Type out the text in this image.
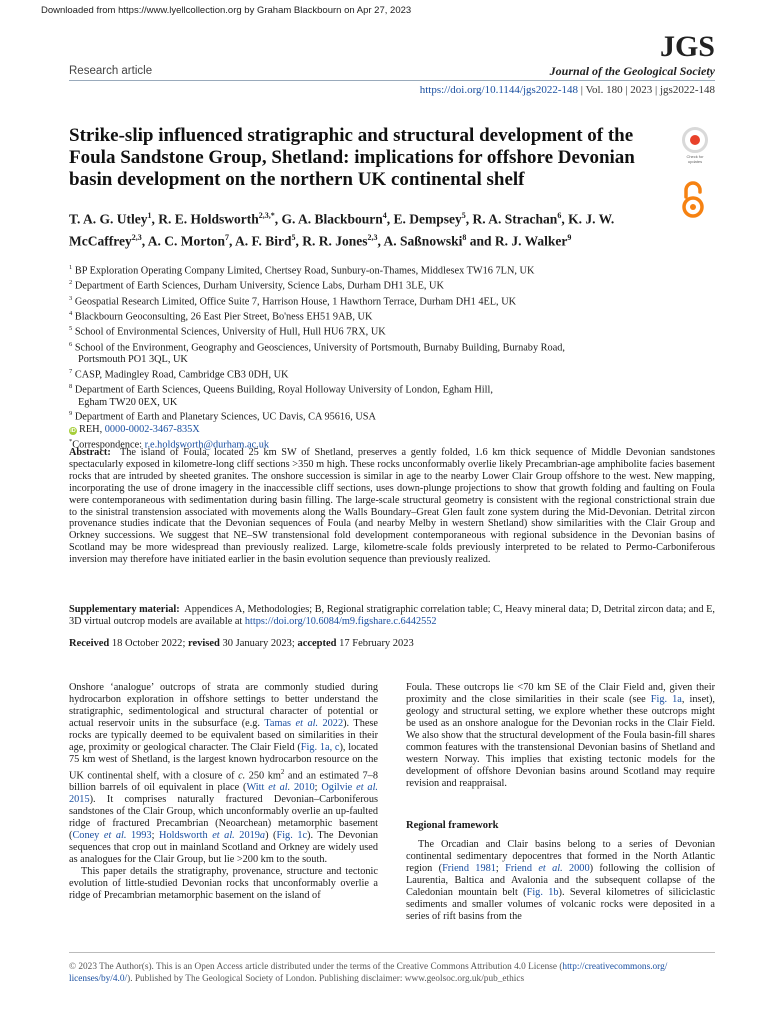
Downloaded from https://www.lyellcollection.org by Graham Blackbourn on Apr 27, 2023
Research article
JGS
Journal of the Geological Society
https://doi.org/10.1144/jgs2022-148 | Vol. 180 | 2023 | jgs2022-148
Strike-slip influenced stratigraphic and structural development of the Foula Sandstone Group, Shetland: implications for offshore Devonian basin development on the northern UK continental shelf
Check for
updates
T. A. G. Utley$^1$, R. E. Holdsworth$^{2,3,*}$, G. A. Blackbourn$^4$, E. Dempsey$^5$, R. A. Strachan$^6$, K. J. W. McCaffrey$^{2,3}$, A. C. Morton$^7$, A. F. Bird$^5$, R. R. Jones$^{2,3}$, A. Saßnowski$^8$ and R. J. Walker$^9$
$^1$ BP Exploration Operating Company Limited, Chertsey Road, Sunbury-on-Thames, Middlesex TW16 7LN, UK
$^2$ Department of Earth Sciences, Durham University, Science Labs, Durham DH1 3LE, UK
$^3$ Geospatial Research Limited, Office Suite 7, Harrison House, 1 Hawthorn Terrace, Durham DH1 4EL, UK
$^4$ Blackbourn Geoconsulting, 26 East Pier Street, Bo'ness EH51 9AB, UK
$^5$ School of Environmental Sciences, University of Hull, Hull HU6 7RX, UK
$^6$ School of the Environment, Geography and Geosciences, University of Portsmouth, Burnaby Building, Burnaby Road,
Portsmouth PO1 3QL, UK
$^7$ CASP, Madingley Road, Cambridge CB3 0DH, UK
$^8$ Department of Earth Sciences, Queens Building, Royal Holloway University of London, Egham Hill,
Egham TW20 0EX, UK
$^9$ Department of Earth and Planetary Sciences, UC Davis, CA 95616, USA
iD REH, 0000-0002-3467-835X
*Correspondence: r.e.holdsworth@durham.ac.uk
Abstract: The island of Foula, located 25 km SW of Shetland, preserves a gently folded, 1.6 km thick sequence of Middle Devonian sandstones spectacularly exposed in kilometre-long cliff sections >350 m high. These rocks unconformably overlie likely Precambrian-age amphibolite facies basement rocks that are intruded by sheeted granites. The onshore succession is similar in age to the nearby Lower Clair Group offshore to the west. New mapping, incorporating the use of drone imagery in the inaccessible cliff sections, uses down-plunge projections to show that growth folding and faulting on Foula were contemporaneous with sedimentation during basin filling. The large-scale structural geometry is consistent with the regional constrictional strain due to the sinistral transtension associated with movements along the Walls Boundary–Great Glen fault zone system during the Mid-Devonian. Detrital zircon provenance studies indicate that the Devonian sequences of Foula (and nearby Melby in western Shetland) show similarities with the Clair Group and Orkney successions. We suggest that NE–SW transtensional fold development contemporaneous with regional subsidence in the Devonian basins of Scotland may be more widespread than previously realized. Large, kilometre-scale folds previously interpreted to be related to Permo-Carboniferous inversion may therefore have initiated earlier in the basin evolution sequence than previously realized.
Supplementary material: Appendices A, Methodologies; B, Regional stratigraphic correlation table; C, Heavy mineral data; D, Detrital zircon data; and E, 3D virtual outcrop models are available at https://doi.org/10.6084/m9.figshare.c.6442552
Received 18 October 2022; revised 30 January 2023; accepted 17 February 2023

Onshore ‘analogue’ outcrops of strata are commonly studied during hydrocarbon exploration in offshore settings to better understand the stratigraphic, sedimentological and structural character of potential or actual reservoir units in the subsurface (e.g. Tamas et al. 2022). These rocks are typically deemed to be equivalent based on similarities in their age, proximity or geological character. The Clair Field (Fig. 1a, c), located 75 km west of Shetland, is the largest known hydrocarbon resource on the UK continental shelf, with a closure of c. 250 $km^2$ and an estimated 7–8 billion barrels of oil equivalent in place (Witt et al. 2010; Ogilvie et al. 2015). It comprises naturally fractured Devonian–Carboniferous sandstones of the Clair Group, which unconformably overlie an up-faulted ridge of fractured Precambrian (Neoarchean) metamorphic basement (Coney et al. 1993; Holdsworth et al. 2019a) (Fig. 1c). The Devonian sequences that crop out in mainland Scotland and Orkney are widely used as analogues for the Clair Group, but lie >200 km to the south.

This paper details the stratigraphy, provenance, structure and tectonic evolution of little-studied Devonian rocks that unconformably overlie a ridge of Precambrian metamorphic basement on the island of

Foula. These outcrops lie <70 km SE of the Clair Field and, given their proximity and the close similarities in their scale (see Fig. 1a, inset), geology and structural setting, we explore whether these outcrops might be used as an onshore analogue for the Devonian rocks in the Clair Field. We also show that the structural development of the Foula basin-fill shares common features with the transtensional Devonian basins of Shetland and western Norway. This implies that existing tectonic models for the development of offshore Devonian basins around Scotland may require revision and reappraisal.

Regional framework

The Orcadian and Clair basins belong to a series of Devonian continental sedimentary depocentres that formed in the North Atlantic region (Friend 1981; Friend et al. 2000) following the collision of Laurentia, Baltica and Avalonia and the subsequent collapse of the Caledonian mountain belt (Fig. 1b). Several kilometres of siliciclastic sediments and smaller volumes of volcanic rocks were deposited in a series of rift basins from the

© 2023 The Author(s). This is an Open Access article distributed under the terms of the Creative Commons Attribution 4.0 License (http://creativecommons.org/
licenses/by/4.0/). Published by The Geological Society of London. Publishing disclaimer: www.geolsoc.org.uk/pub_ethics
